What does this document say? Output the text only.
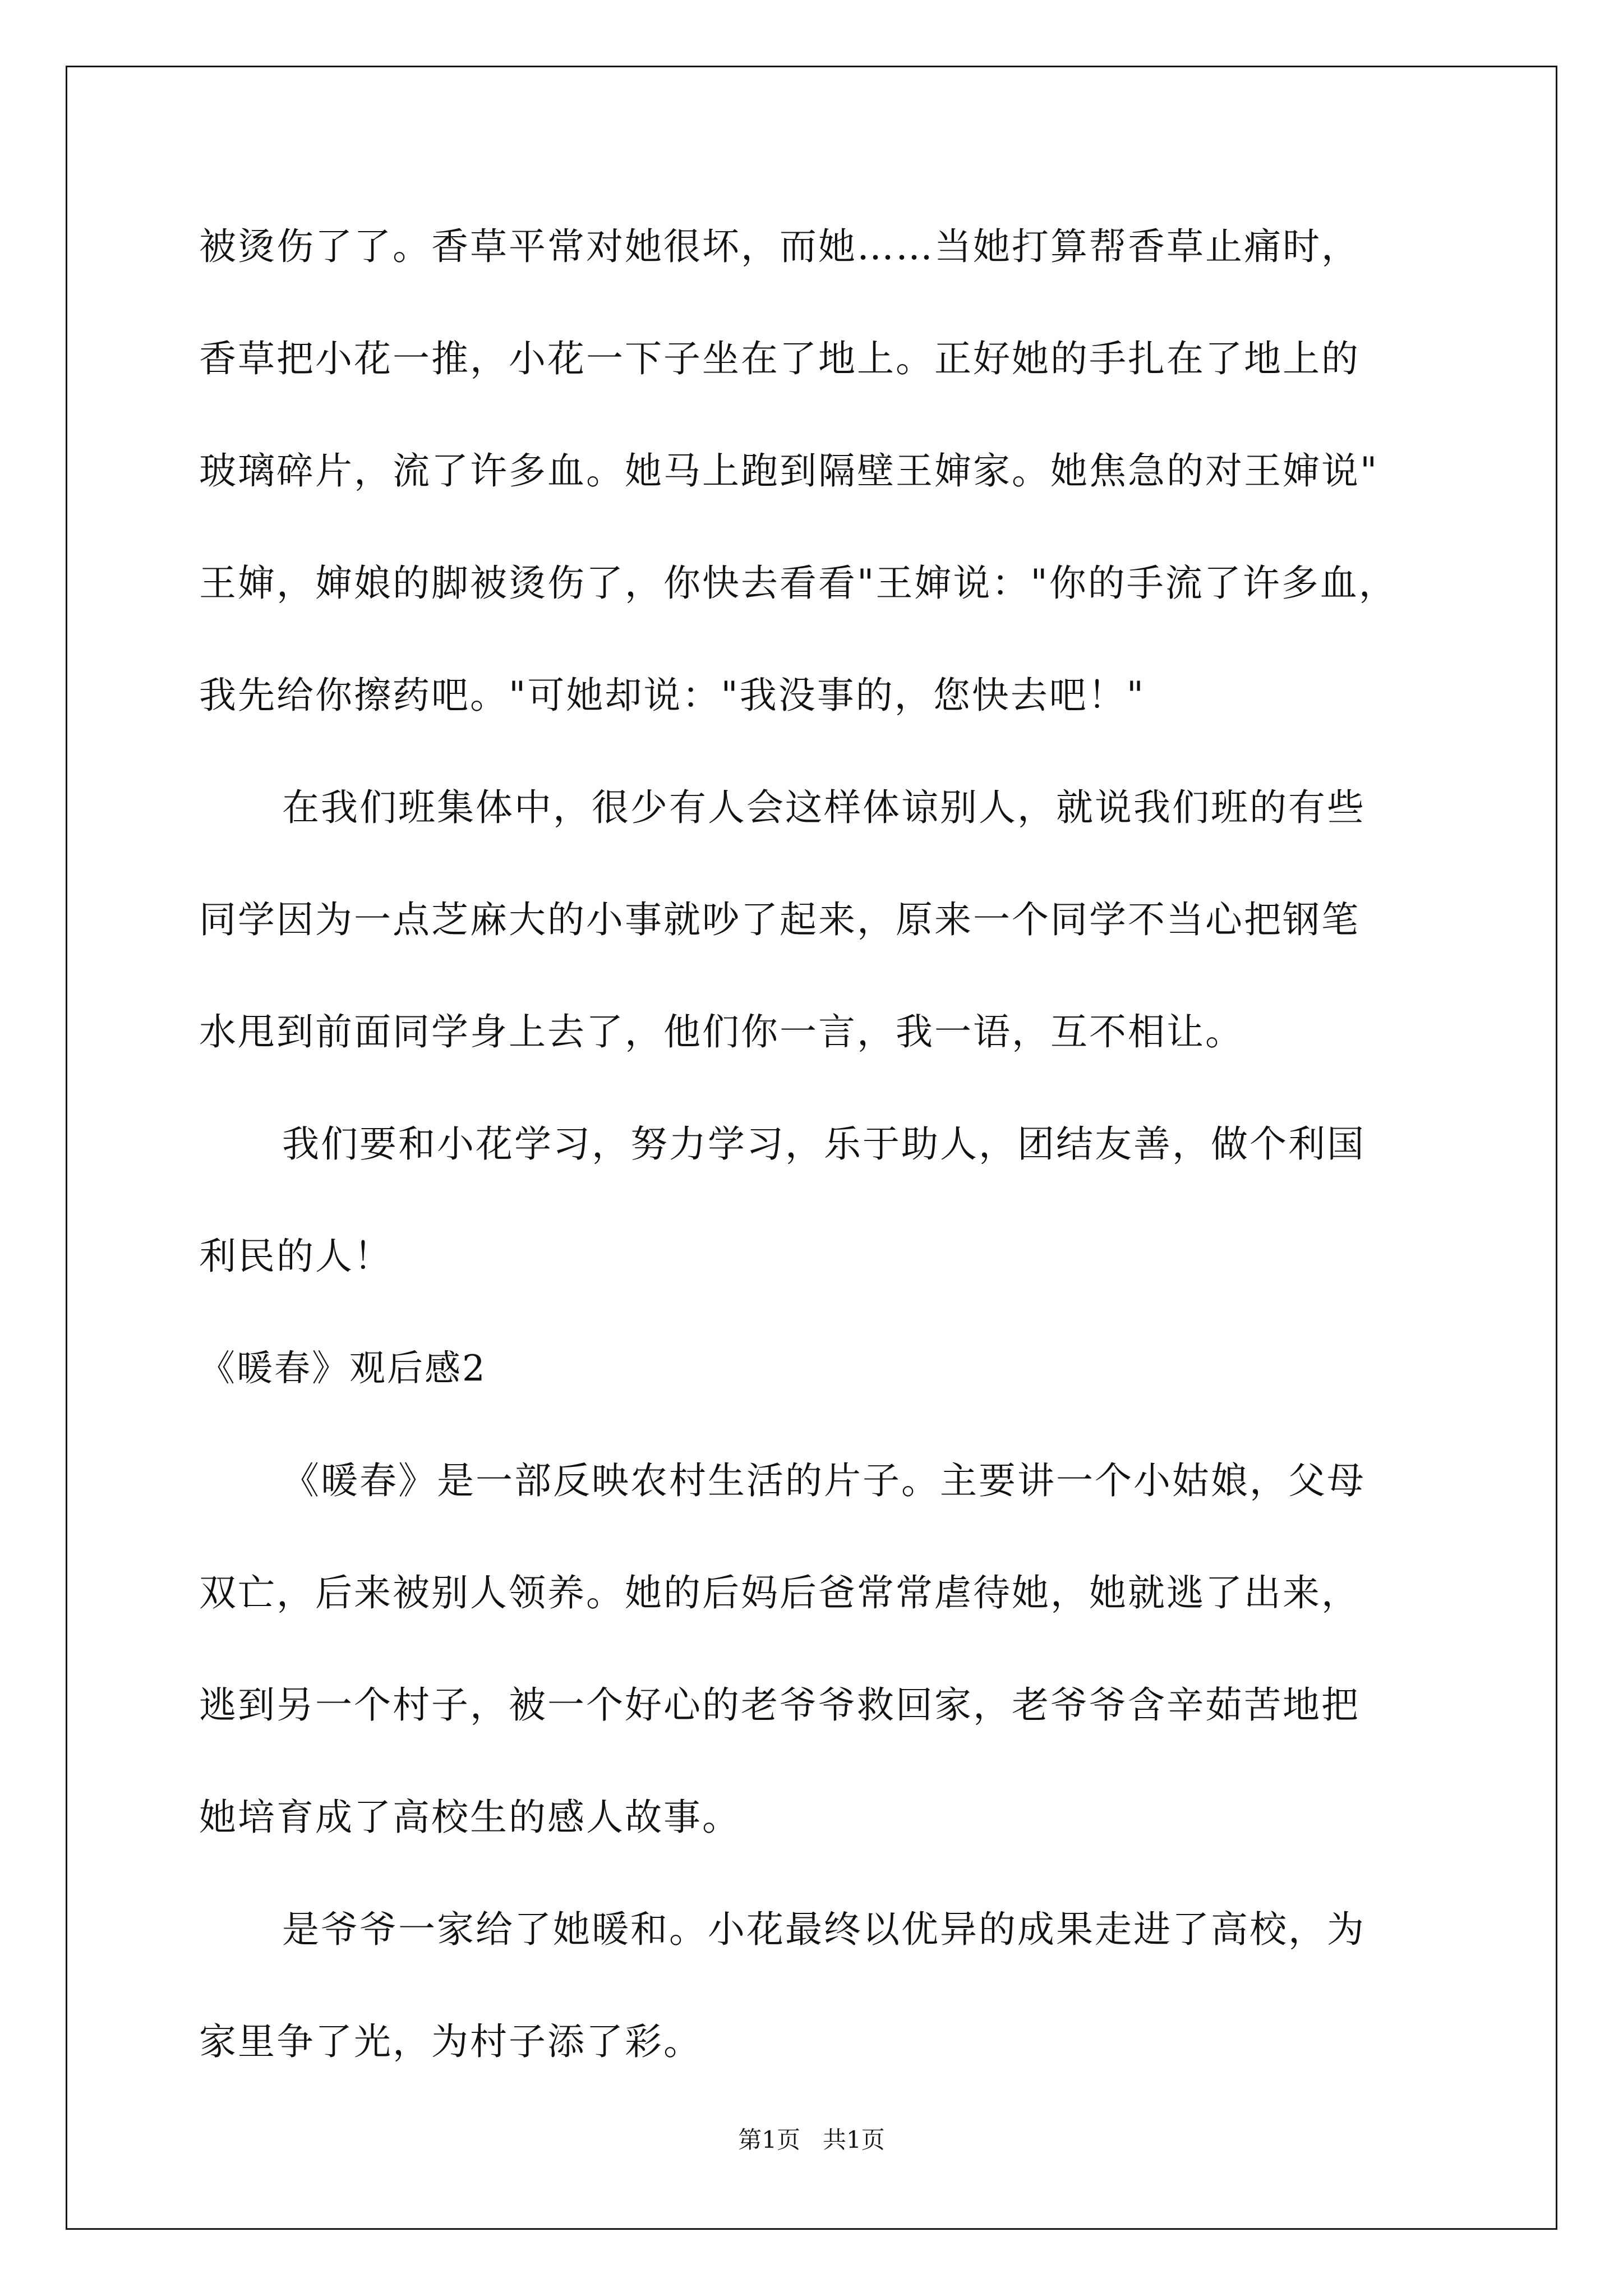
被烫伤了了。香草平常对她很坏，而她……当她打算帮香草止痛时，
香草把小花一推，小花一下子坐在了地上。正好她的手扎在了地上的
玻璃碎片，流了许多血。她马上跑到隔壁王婶家。她焦急的对王婶说"
王婶，婶娘的脚被烫伤了，你快去看看"王婶说："你的手流了许多血，
我先给你擦药吧。"可她却说："我没事的，您快去吧！"
在我们班集体中，很少有人会这样体谅别人，就说我们班的有些
同学因为一点芝麻大的小事就吵了起来，原来一个同学不当心把钢笔
水甩到前面同学身上去了，他们你一言，我一语，互不相让。
我们要和小花学习，努力学习，乐于助人，团结友善，做个利国
利民的人！
《暖春》观后感2
《暖春》是一部反映农村生活的片子。主要讲一个小姑娘，父母
双亡，后来被别人领养。她的后妈后爸常常虐待她，她就逃了出来，
逃到另一个村子，被一个好心的老爷爷救回家，老爷爷含辛茹苦地把
她培育成了高校生的感人故事。
是爷爷一家给了她暖和。小花最终以优异的成果走进了高校，为
家里争了光，为村子添了彩。
第1页   共1页
